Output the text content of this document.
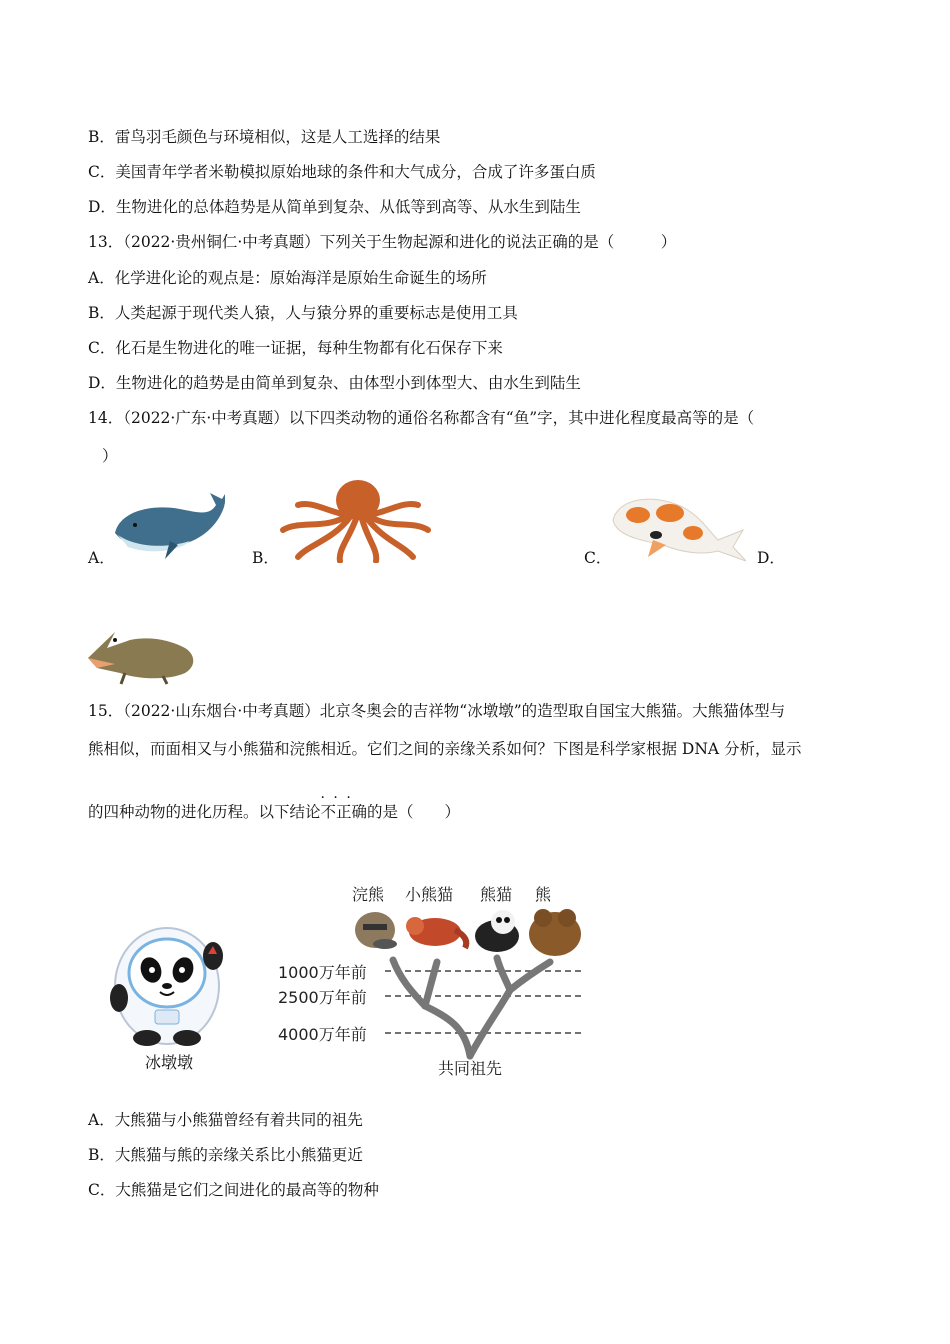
B．雷鸟羽毛颜色与环境相似，这是人工选择的结果
C．美国青年学者米勒模拟原始地球的条件和大气成分，合成了许多蛋白质
D．生物进化的总体趋势是从简单到复杂、从低等到高等、从水生到陆生
13．（2022·贵州铜仁·中考真题）下列关于生物起源和进化的说法正确的是（　　　）
A．化学进化论的观点是：原始海洋是原始生命诞生的场所
B．人类起源于现代类人猿，人与猿分界的重要标志是使用工具
C．化石是生物进化的唯一证据，每种生物都有化石保存下来
D．生物进化的趋势是由简单到复杂、由体型小到体型大、由水生到陆生
14．（2022·广东·中考真题）以下四类动物的通俗名称都含有“鱼”字，其中进化程度最高等的是（
）
A．	B．	C．	D．
15．（2022·山东烟台·中考真题）北京冬奥会的吉祥物“冰墩墩”的造型取自国宝大熊猫。大熊猫体型与
熊相似，而面相又与小熊猫和浣熊相近。它们之间的亲缘关系如何？下图是科学家根据 DNA 分析，显示
的四种动物的进化历程。以下结论· · · 不正确的是（　　）
冰墩墩
浣熊 小熊猫 熊猫 熊
1000万年前
2500万年前
4000万年前
共同祖先
A．大熊猫与小熊猫曾经有着共同的祖先
B．大熊猫与熊的亲缘关系比小熊猫更近
C．大熊猫是它们之间进化的最高等的物种
